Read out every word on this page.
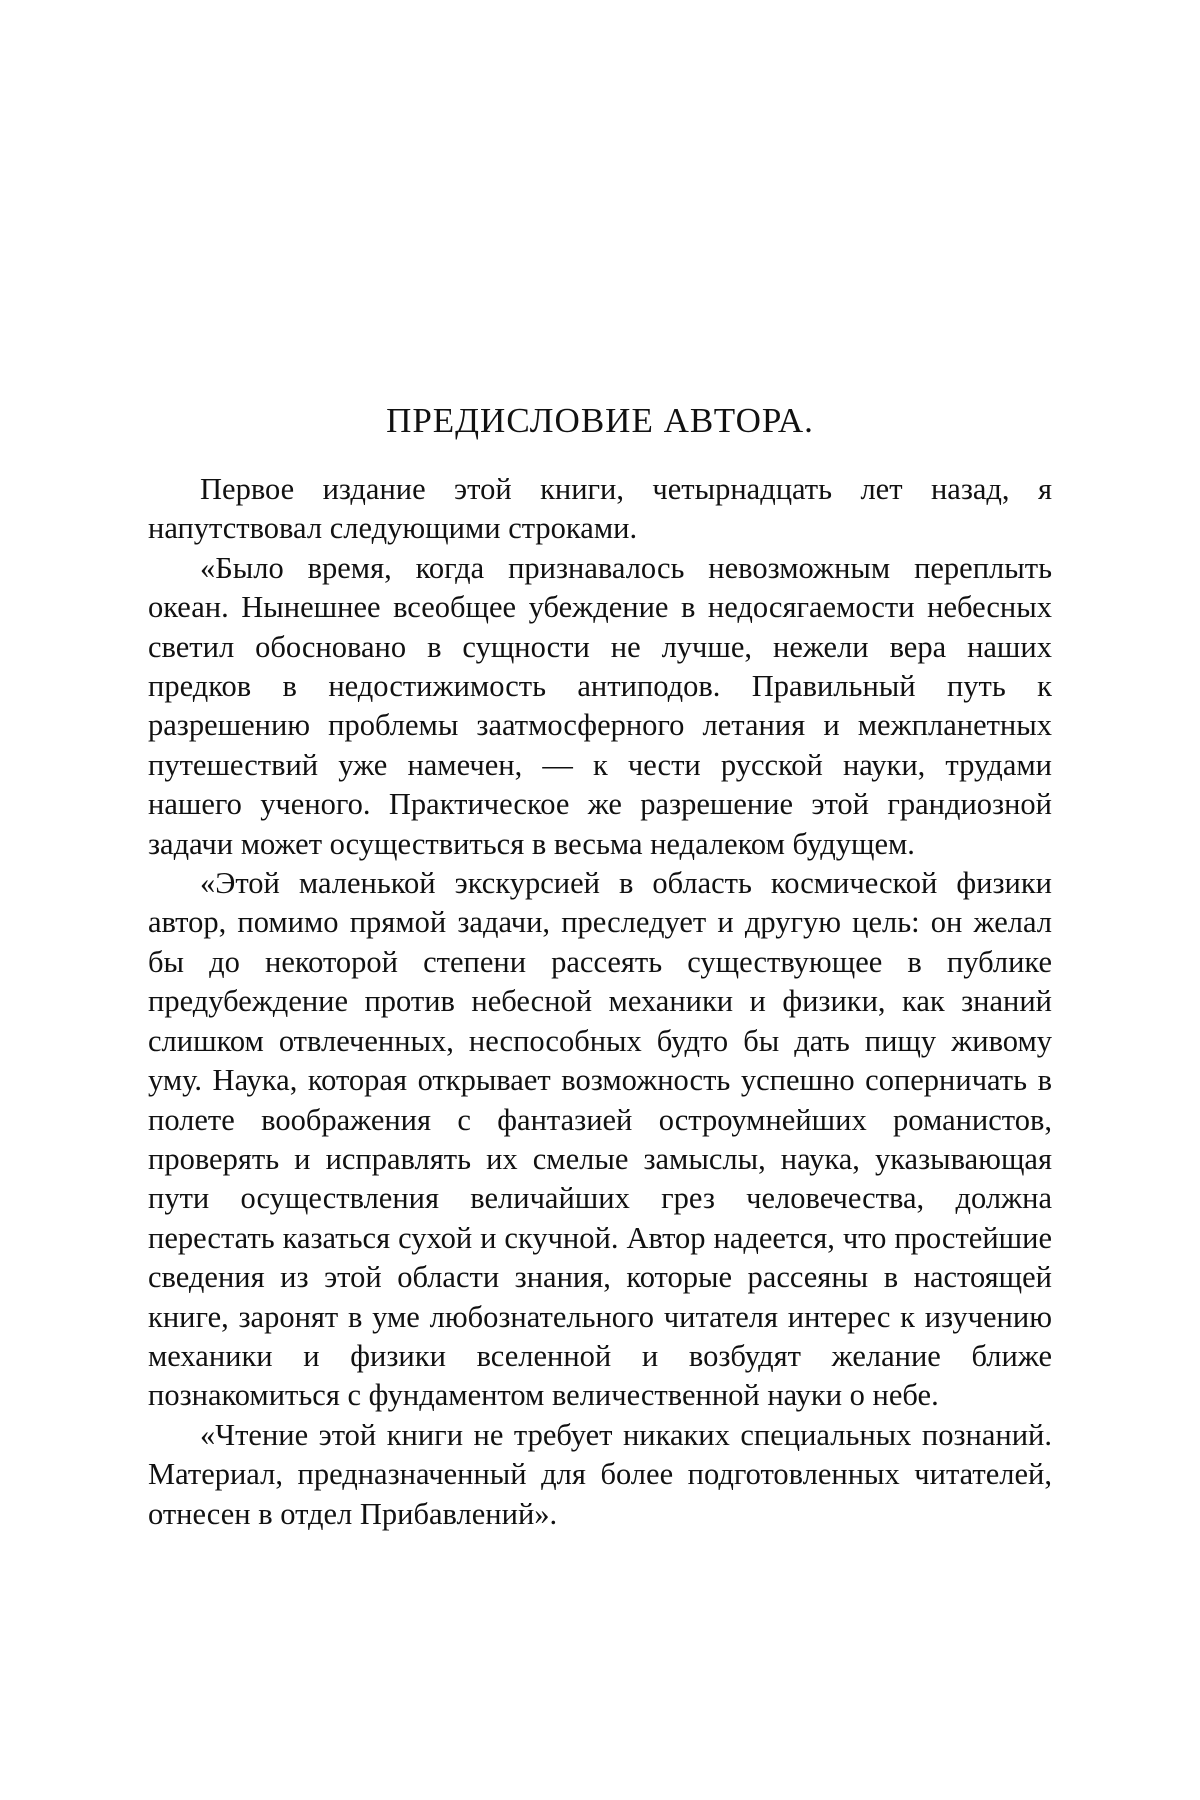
ПРЕДИСЛОВИЕ АВТОРА.

Первое издание этой книги, четырнадцать лет назад, я напутствовал следующими строками.

«Было время, когда признавалось невозможным переплыть океан. Нынешнее всеобщее убеждение в недосягаемости небесных светил обосновано в сущности не лучше, нежели вера наших предков в недостижимость антиподов. Правильный путь к разрешению проблемы заатмосферного летания и межпланетных путешествий уже намечен, — к чести русской науки, трудами нашего ученого. Практическое же разрешение этой грандиозной задачи может осуществиться в весьма недалеком будущем.

«Этой маленькой экскурсией в область космической физики автор, помимо прямой задачи, преследует и другую цель: он желал бы до некоторой степени рассеять существующее в публике предубеждение против небесной механики и физики, как знаний слишком отвлеченных, неспособных будто бы дать пищу живому уму. Наука, которая открывает возможность успешно соперничать в полете воображения с фантазией остроумнейших романистов, проверять и исправлять их смелые замыслы, наука, указывающая пути осуществления величайших грез человечества, должна перестать казаться сухой и скучной. Автор надеется, что простейшие сведения из этой области знания, которые рассеяны в настоящей книге, заронят в уме любознательного читателя интерес к изучению механики и физики вселенной и возбудят желание ближе познакомиться с фундаментом величественной науки о небе.

«Чтение этой книги не требует никаких специальных познаний. Материал, предназначенный для более подготовленных читателей, отнесен в отдел Прибавлений».
